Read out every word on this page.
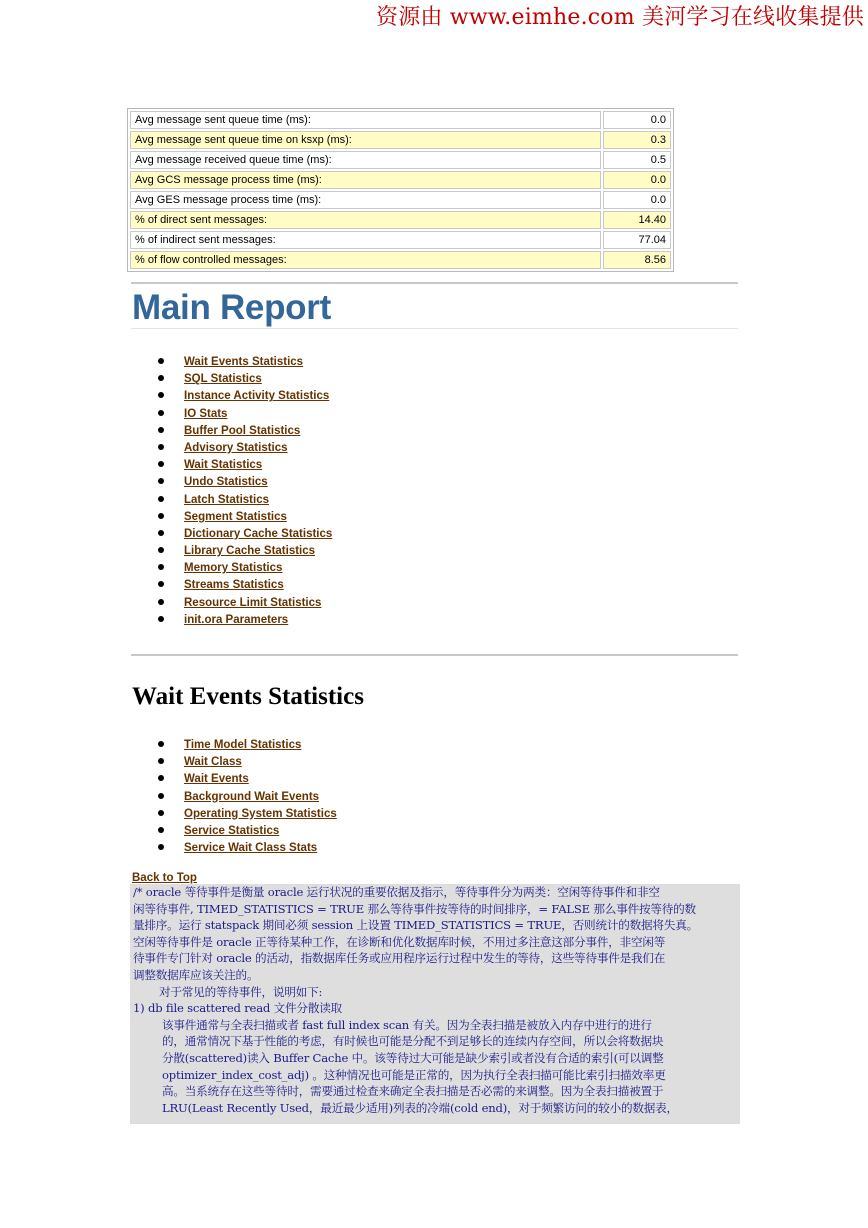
资源由 www.eimhe.com 美河学习在线收集提供
Avg message sent queue time (ms):	0.0
Avg message sent queue time on ksxp (ms):	0.3
Avg message received queue time (ms):	0.5
Avg GCS message process time (ms):	0.0
Avg GES message process time (ms):	0.0
% of direct sent messages:	14.40
% of indirect sent messages:	77.04
% of flow controlled messages:	8.56
Main Report
Wait Events Statistics
SQL Statistics
Instance Activity Statistics
IO Stats
Buffer Pool Statistics
Advisory Statistics
Wait Statistics
Undo Statistics
Latch Statistics
Segment Statistics
Dictionary Cache Statistics
Library Cache Statistics
Memory Statistics
Streams Statistics
Resource Limit Statistics
init.ora Parameters
Wait Events Statistics
Time Model Statistics
Wait Class
Wait Events
Background Wait Events
Operating System Statistics
Service Statistics
Service Wait Class Stats
Back to Top

/* oracle 等待事件是衡量 oracle 运行状况的重要依据及指示，等待事件分为两类：空闲等待事件和非空

闲等待事件, TIMED_STATISTICS = TRUE 那么等待事件按等待的时间排序，= FALSE 那么事件按等待的数

量排序。运行 statspack 期间必须 session 上设置 TIMED_STATISTICS = TRUE，否则统计的数据将失真。

空闲等待事件是 oracle 正等待某种工作，在诊断和优化数据库时候，不用过多注意这部分事件，非空闲等

待事件专门针对 oracle 的活动，指数据库任务或应用程序运行过程中发生的等待，这些等待事件是我们在

调整数据库应该关注的。

对于常见的等待事件，说明如下:

1) db file scattered read 文件分散读取

该事件通常与全表扫描或者 fast full index scan 有关。因为全表扫描是被放入内存中进行的进行

的，通常情况下基于性能的考虑，有时候也可能是分配不到足够长的连续内存空间，所以会将数据块

分散(scattered)读入 Buffer Cache 中。该等待过大可能是缺少索引或者没有合适的索引(可以调整

optimizer_index_cost_adj) 。这种情况也可能是正常的，因为执行全表扫描可能比索引扫描效率更

高。当系统存在这些等待时，需要通过检查来确定全表扫描是否必需的来调整。因为全表扫描被置于

LRU(Least Recently Used，最近最少适用)列表的冷端(cold end)，对于频繁访问的较小的数据表，
